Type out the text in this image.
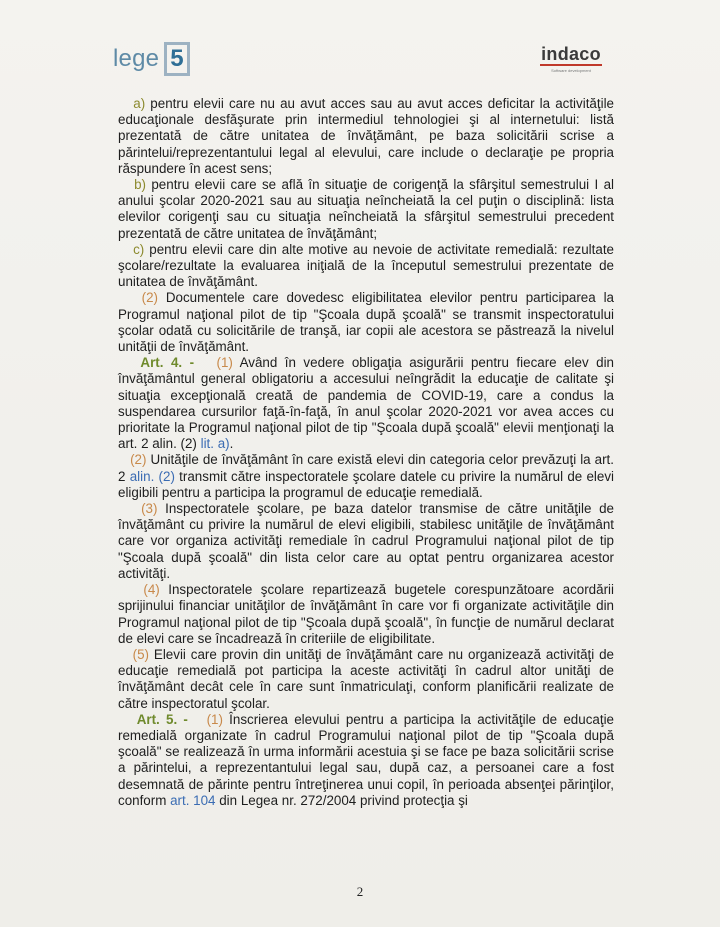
lege 5	indaco
Software development

a) pentru elevii care nu au avut acces sau au avut acces deficitar la activităţile educaţionale desfăşurate prin intermediul tehnologiei şi al internetului: listă prezentată de către unitatea de învăţământ, pe baza solicitării scrise a părintelui/reprezentantului legal al elevului, care include o declaraţie pe propria răspundere în acest sens;

b) pentru elevii care se află în situaţie de corigenţă la sfârşitul semestrului I al anului şcolar 2020-2021 sau au situaţia neîncheiată la cel puţin o disciplină: lista elevilor corigenţi sau cu situaţia neîncheiată la sfârşitul semestrului precedent prezentată de către unitatea de învăţământ;

c) pentru elevii care din alte motive au nevoie de activitate remedială: rezultate şcolare/rezultate la evaluarea iniţială de la începutul semestrului prezentate de unitatea de învăţământ.

(2) Documentele care dovedesc eligibilitatea elevilor pentru participarea la Programul naţional pilot de tip "Şcoala după şcoală" se transmit inspectoratului şcolar odată cu solicitările de tranşă, iar copii ale acestora se păstrează la nivelul unităţii de învăţământ.

Art. 4. - (1) Având în vedere obligaţia asigurării pentru fiecare elev din învăţământul general obligatoriu a accesului neîngrădit la educaţie de calitate şi situaţia excepţională creată de pandemia de COVID-19, care a condus la suspendarea cursurilor faţă-în-faţă, în anul şcolar 2020-2021 vor avea acces cu prioritate la Programul naţional pilot de tip "Şcoala după şcoală" elevii menţionaţi la art. 2 alin. (2) lit. a).

(2) Unităţile de învăţământ în care există elevi din categoria celor prevăzuţi la art. 2 alin. (2) transmit către inspectoratele şcolare datele cu privire la numărul de elevi eligibili pentru a participa la programul de educaţie remedială.

(3) Inspectoratele şcolare, pe baza datelor transmise de către unităţile de învăţământ cu privire la numărul de elevi eligibili, stabilesc unităţile de învăţământ care vor organiza activităţi remediale în cadrul Programului naţional pilot de tip "Şcoala după şcoală" din lista celor care au optat pentru organizarea acestor activităţi.

(4) Inspectoratele şcolare repartizează bugetele corespunzătoare acordării sprijinului financiar unităţilor de învăţământ în care vor fi organizate activităţile din Programul naţional pilot de tip "Şcoala după şcoală", în funcţie de numărul declarat de elevi care se încadrează în criteriile de eligibilitate.

(5) Elevii care provin din unităţi de învăţământ care nu organizează activităţi de educaţie remedială pot participa la aceste activităţi în cadrul altor unităţi de învăţământ decât cele în care sunt înmatriculaţi, conform planificării realizate de către inspectoratul şcolar.

Art. 5. - (1) Înscrierea elevului pentru a participa la activităţile de educaţie remedială organizate în cadrul Programului naţional pilot de tip "Şcoala după şcoală" se realizează în urma informării acestuia şi se face pe baza solicitării scrise a părintelui, a reprezentantului legal sau, după caz, a persoanei care a fost desemnată de părinte pentru întreţinerea unui copil, în perioada absenţei părinţilor, conform art. 104 din Legea nr. 272/2004 privind protecţia şi

2
